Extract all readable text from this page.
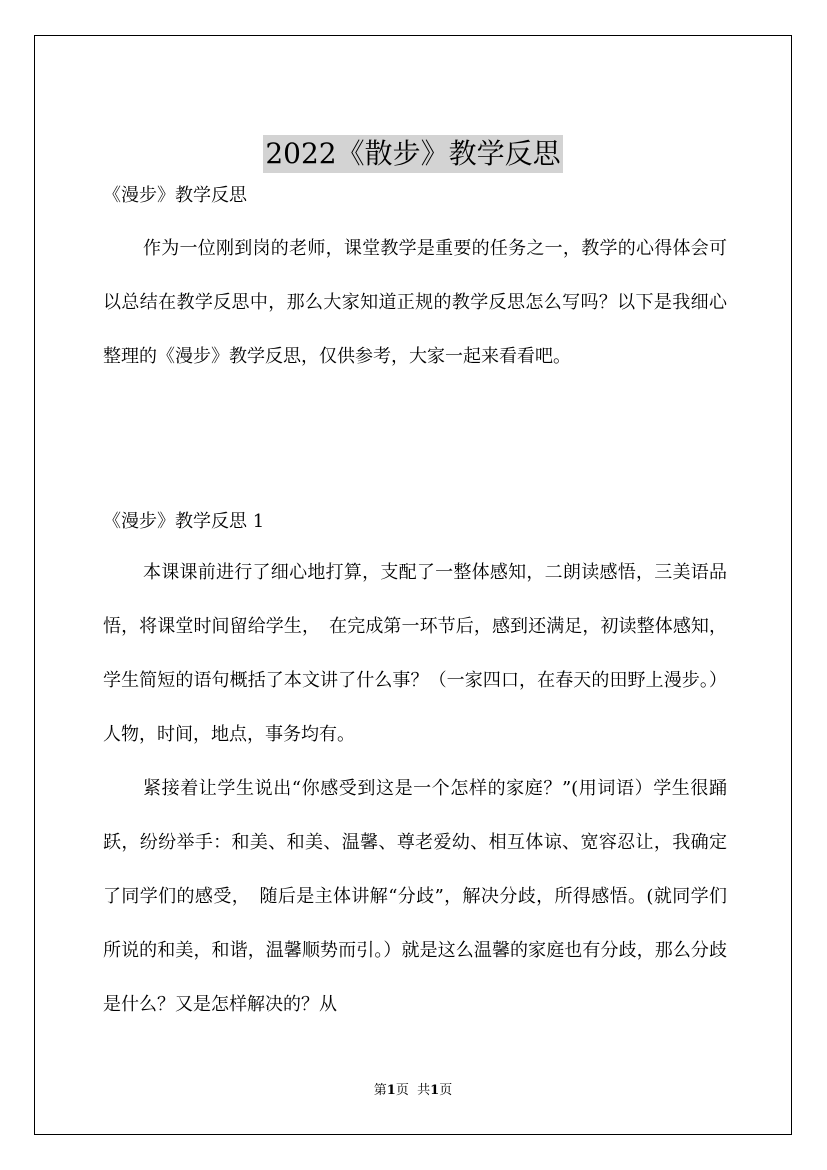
2022《散步》教学反思
《漫步》教学反思

作为一位刚到岗的老师，课堂教学是重要的任务之一，教学的心得体会可以总结在教学反思中，那么大家知道正规的教学反思怎么写吗？以下是我细心整理的《漫步》教学反思，仅供参考，大家一起来看看吧。

《漫步》教学反思 1

本课课前进行了细心地打算，支配了一整体感知，二朗读感悟，三美语品悟，将课堂时间留给学生，　在完成第一环节后，感到还满足，初读整体感知，学生简短的语句概括了本文讲了什么事？（一家四口，在春天的田野上漫步。）人物，时间，地点，事务均有。

紧接着让学生说出“你感受到这是一个怎样的家庭？”(用词语）学生很踊跃，纷纷举手：和美、和美、温馨、尊老爱幼、相互体谅、宽容忍让，我确定了同学们的感受，　随后是主体讲解“分歧”，解决分歧，所得感悟。(就同学们所说的和美，和谐，温馨顺势而引。）就是这么温馨的家庭也有分歧，那么分歧是什么？又是怎样解决的？从

第1页 共1页
